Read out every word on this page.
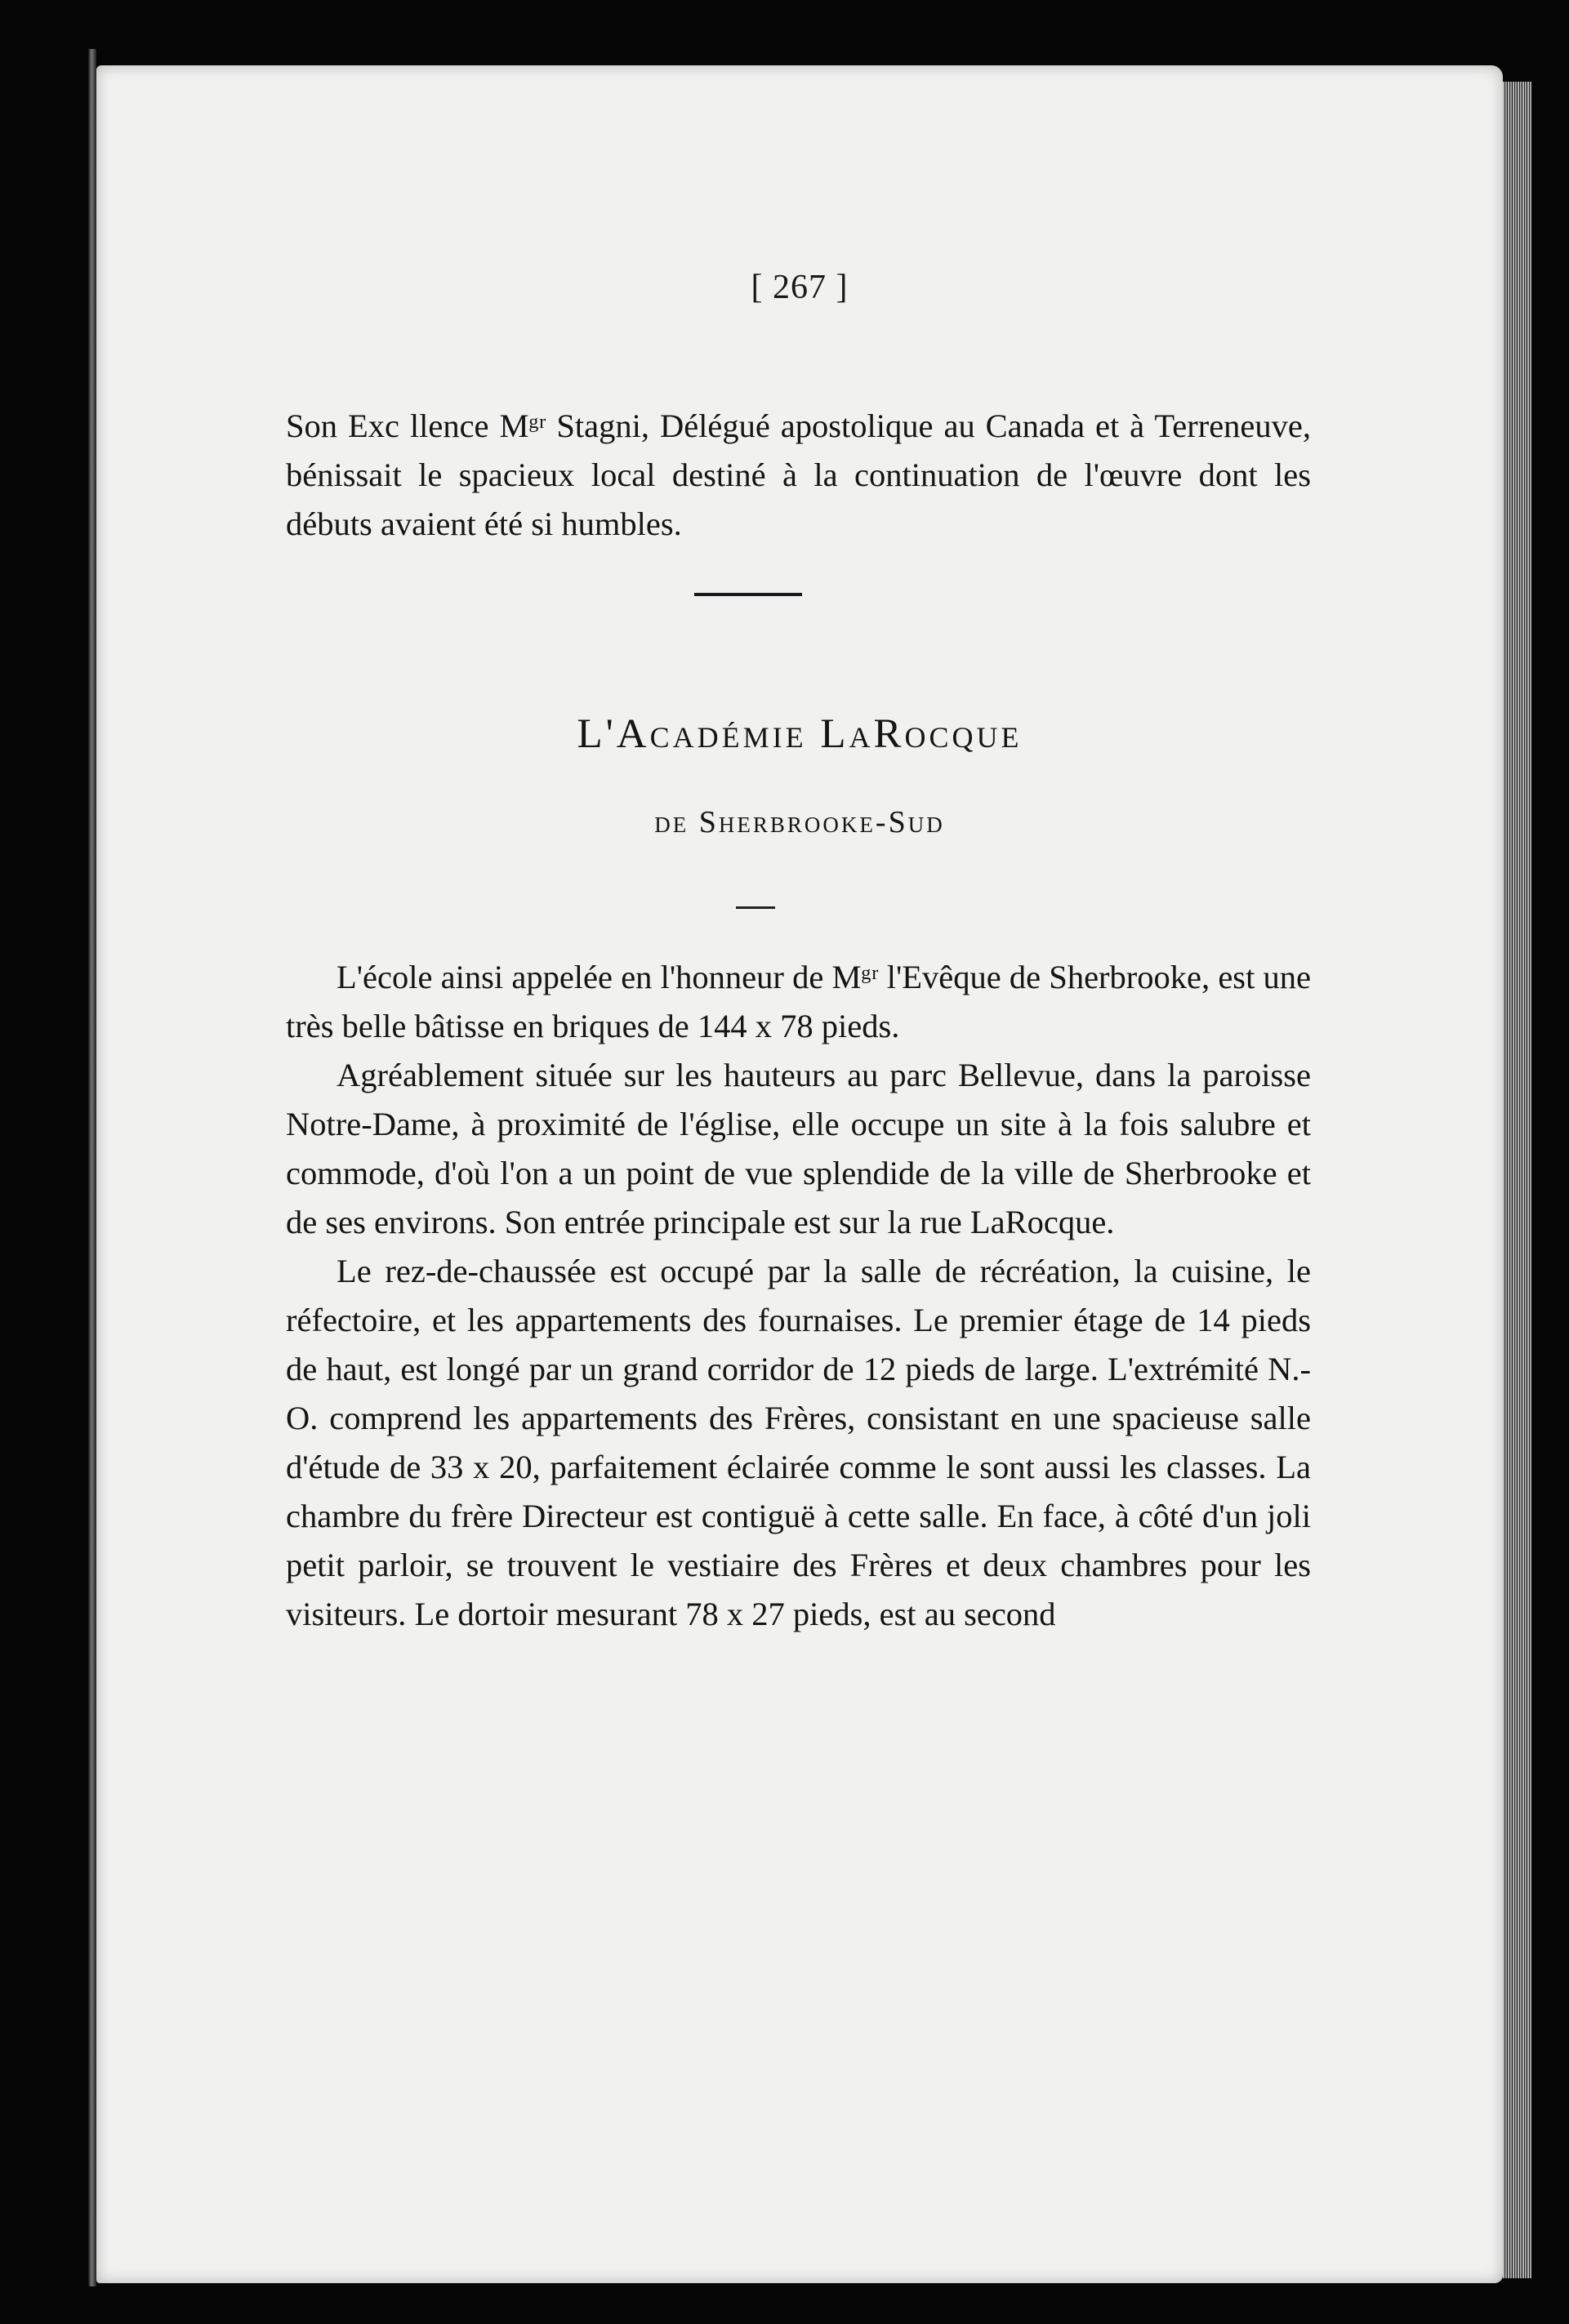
[ 267 ]

Son Exc llence Mᵍʳ Stagni, Délégué apostolique au Canada et à Terreneuve, bénissait le spacieux local destiné à la continuation de l'œuvre dont les débuts avaient été si humbles.

L'Académie LaRocque
de Sherbrooke-Sud

L'école ainsi appelée en l'honneur de Mᵍʳ l'Evêque de Sherbrooke, est une très belle bâtisse en briques de 144 x 78 pieds.

Agréablement située sur les hauteurs au parc Bellevue, dans la paroisse Notre-Dame, à proximité de l'église, elle occupe un site à la fois salubre et commode, d'où l'on a un point de vue splendide de la ville de Sherbrooke et de ses environs. Son entrée principale est sur la rue LaRocque.

Le rez-de-chaussée est occupé par la salle de récréation, la cuisine, le réfectoire, et les appartements des fournaises. Le premier étage de 14 pieds de haut, est longé par un grand corridor de 12 pieds de large. L'extrémité N.-O. comprend les appartements des Frères, consistant en une spacieuse salle d'étude de 33 x 20, parfaitement éclairée comme le sont aussi les classes. La chambre du frère Directeur est contiguë à cette salle. En face, à côté d'un joli petit parloir, se trouvent le vestiaire des Frères et deux chambres pour les visiteurs. Le dortoir mesurant 78 x 27 pieds, est au second
